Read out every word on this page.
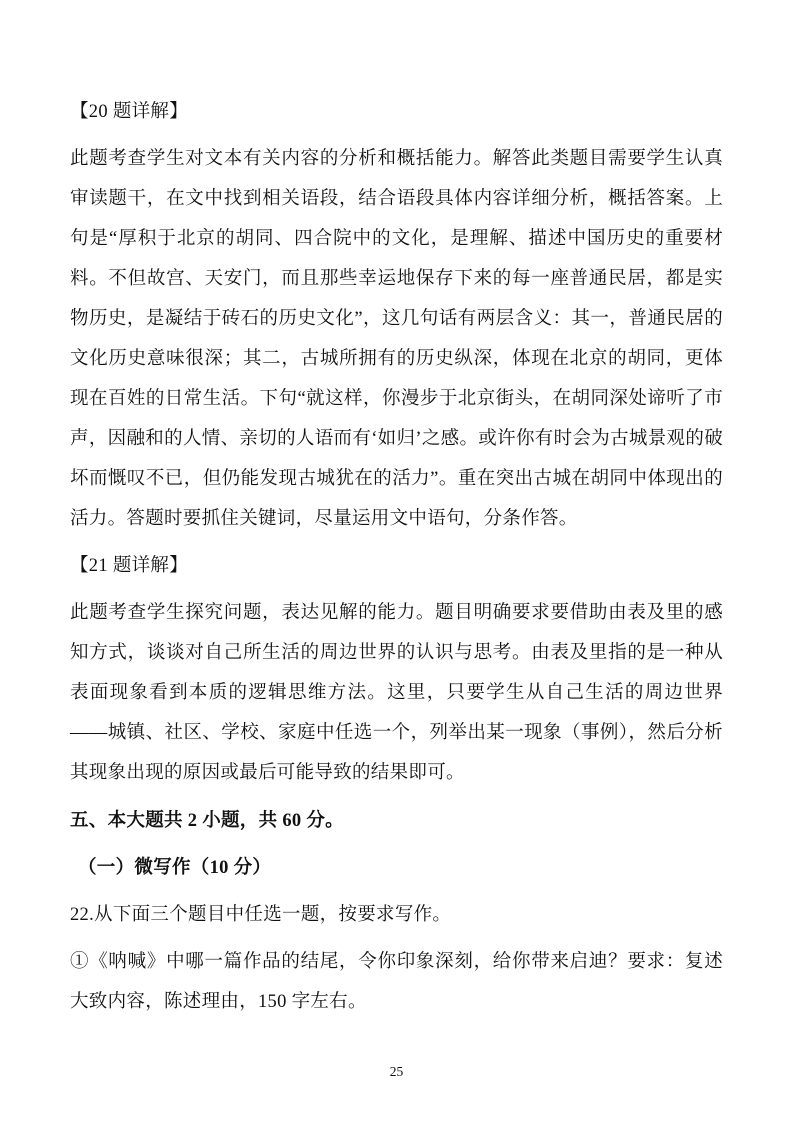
【20 题详解】

此题考查学生对文本有关内容的分析和概括能力。解答此类题目需要学生认真审读题干，在文中找到相关语段，结合语段具体内容详细分析，概括答案。上句是“厚积于北京的胡同、四合院中的文化，是理解、描述中国历史的重要材料。不但故宫、天安门，而且那些幸运地保存下来的每一座普通民居，都是实物历史，是凝结于砖石的历史文化”，这几句话有两层含义：其一，普通民居的文化历史意味很深；其二，古城所拥有的历史纵深，体现在北京的胡同，更体现在百姓的日常生活。下句“就这样，你漫步于北京街头，在胡同深处谛听了市声，因融和的人情、亲切的人语而有‘如归’之感。或许你有时会为古城景观的破坏而慨叹不已，但仍能发现古城犹在的活力”。重在突出古城在胡同中体现出的活力。答题时要抓住关键词，尽量运用文中语句，分条作答。

【21 题详解】

此题考查学生探究问题，表达见解的能力。题目明确要求要借助由表及里的感知方式，谈谈对自己所生活的周边世界的认识与思考。由表及里指的是一种从表面现象看到本质的逻辑思维方法。这里，只要学生从自己生活的周边世界——城镇、社区、学校、家庭中任选一个，列举出某一现象（事例），然后分析其现象出现的原因或最后可能导致的结果即可。

五、本大题共 2 小题，共 60 分。
（一）微写作（10 分）
22.从下面三个题目中任选一题，按要求写作。

①《呐喊》中哪一篇作品的结尾，令你印象深刻，给你带来启迪？要求：复述大致内容，陈述理由，150 字左右。

25
